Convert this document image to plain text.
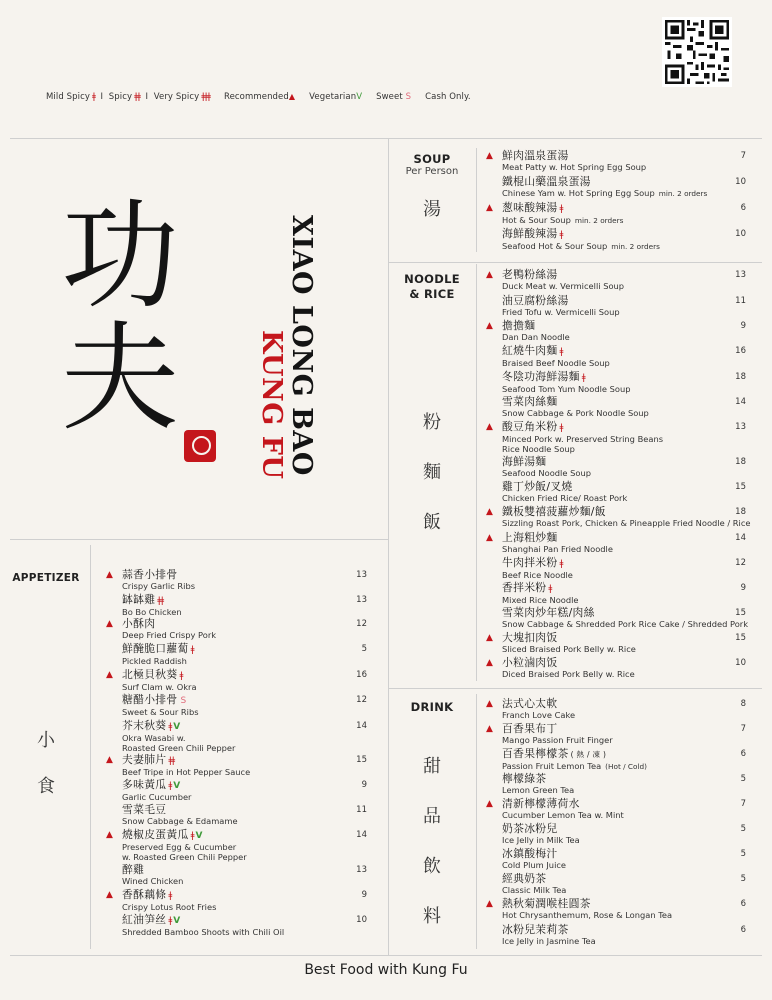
Mild Spicy ǂ I Spicy ǂǂ I Very Spicy ǂǂǂ Recommended▲ VegetarianV Sweet S Cash Only.
功夫	KUNG FU XIAO LONG BAO
SOUP
Per Person
湯
NOODLE
& RICE
粉
麵
飯
DRINK
甜
品
飲
料
APPETIZER
小
食
▲ 鮮肉溫泉蛋湯
Meat Patty w. Hot Spring Egg Soup
7
鐵棍山藥溫泉蛋湯
Chinese Yam w. Hot Spring Egg Soup min. 2 orders
10
▲ 葱味酸辣湯 ǂ
Hot & Sour Soup min. 2 orders
6
海鮮酸辣湯 ǂ
Seafood Hot & Sour Soup min. 2 orders
10
▲ 老鴨粉絲湯
Duck Meat w. Vermicelli Soup
13
油豆腐粉絲湯
Fried Tofu w. Vermicelli Soup
11
▲ 擔擔麵
Dan Dan Noodle
9
紅燒牛肉麵 ǂ
Braised Beef Noodle Soup
16
冬陰功海鮮湯麵 ǂ
Seafood Tom Yum Noodle Soup
18
雪菜肉絲麵
Snow Cabbage & Pork Noodle Soup
14
▲ 酸豆角米粉 ǂ
Minced Pork w. Preserved String Beans
Rice Noodle Soup
13
海鮮湯麵
Seafood Noodle Soup
18
雞丁炒飯/叉燒
Chicken Fried Rice/ Roast Pork
15
▲ 鐵板雙禧菠蘿炒麵/飯
Sizzling Roast Pork, Chicken & Pineapple Fried Noodle / Rice
18
▲ 上海粗炒麵
Shanghai Pan Fried Noodle
14
牛肉拌米粉 ǂ
Beef Rice Noodle
12
香拌米粉 ǂ
Mixed Rice Noodle
9
雪菜肉炒年糕/肉絲
Snow Cabbage & Shredded Pork Rice Cake / Shredded Pork
15
▲ 大塊扣肉饭
Sliced Braised Pork Belly w. Rice
15
▲ 小粒滷肉饭
Diced Braised Pork Belly w. Rice
10
▲ 法式心太軟
Franch Love Cake
8
▲ 百香果布丁
Mango Passion Fruit Finger
7
百香果檸檬茶 ( 熱 / 凍 )
Passion Fruit Lemon Tea (Hot / Cold)
6
檸檬綠茶
Lemon Green Tea
5
▲ 清新檸檬薄荷水
Cucumber Lemon Tea w. Mint
7
奶茶冰粉兒
Ice Jelly in Milk Tea
5
冰鎮酸梅汁
Cold Plum Juice
5
經典奶茶
Classic Milk Tea
5
▲ 熱秋菊潤喉桂圓茶
Hot Chrysanthemum, Rose & Longan Tea
6
冰粉兒茉莉茶
Ice Jelly in Jasmine Tea
6
▲ 蒜香小排骨
Crispy Garlic Ribs
13
缽缽雞 ǂǂ
Bo Bo Chicken
13
▲ 小酥肉
Deep Fried Crispy Pork
12
鮮醃脆口蘿蔔 ǂ
Pickled Raddish
5
▲ 北極貝秋葵 ǂ
Surf Clam w. Okra
16
糖醋小排骨 S
Sweet & Sour Ribs
12
芥末秋葵 ǂ V
Okra Wasabi w.
Roasted Green Chili Pepper
14
▲ 夫妻肺片 ǂǂ
Beef Tripe in Hot Pepper Sauce
15
多味黃瓜 ǂ V
Garlic Cucumber
9
雪菜毛豆
Snow Cabbage & Edamame
11
▲ 燒椒皮蛋黃瓜 ǂ V
Preserved Egg & Cucumber
w. Roasted Green Chili Pepper
14
醉雞
Wined Chicken
13
▲ 香酥藕條 ǂ
Crispy Lotus Root Fries
9
紅油笋丝 ǂ V
Shredded Bamboo Shoots with Chili Oil
10
Best Food with Kung Fu
